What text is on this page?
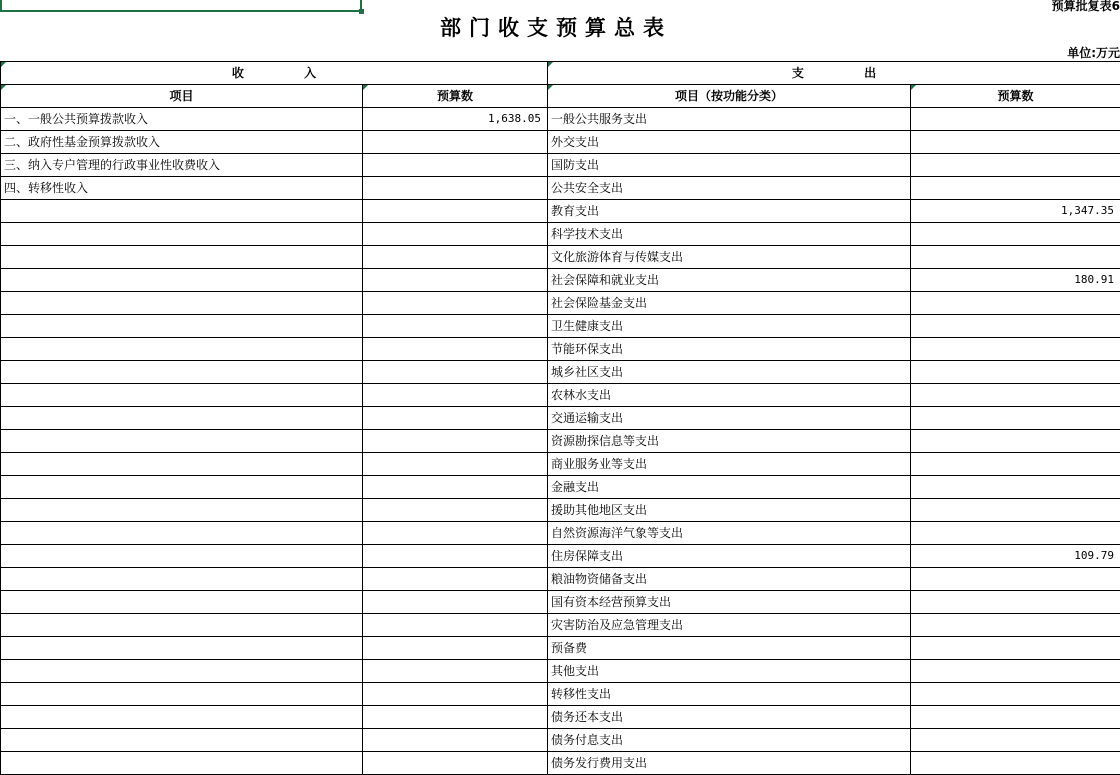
预算批复表6
部门收支预算总表
单位:万元
收 入		支 出	
项目	预算数	项目（按功能分类）	预算数
一、一般公共预算拨款收入	1,638.05	一般公共服务支出	
二、政府性基金预算拨款收入		外交支出	
三、纳入专户管理的行政事业性收费收入		国防支出	
四、转移性收入		公共安全支出	
		教育支出	1,347.35
		科学技术支出	
		文化旅游体育与传媒支出	
		社会保障和就业支出	180.91
		社会保险基金支出	
		卫生健康支出	
		节能环保支出	
		城乡社区支出	
		农林水支出	
		交通运输支出	
		资源勘探信息等支出	
		商业服务业等支出	
		金融支出	
		援助其他地区支出	
		自然资源海洋气象等支出	
		住房保障支出	109.79
		粮油物资储备支出	
		国有资本经营预算支出	
		灾害防治及应急管理支出	
		预备费	
		其他支出	
		转移性支出	
		债务还本支出	
		债务付息支出	
		债务发行费用支出	
